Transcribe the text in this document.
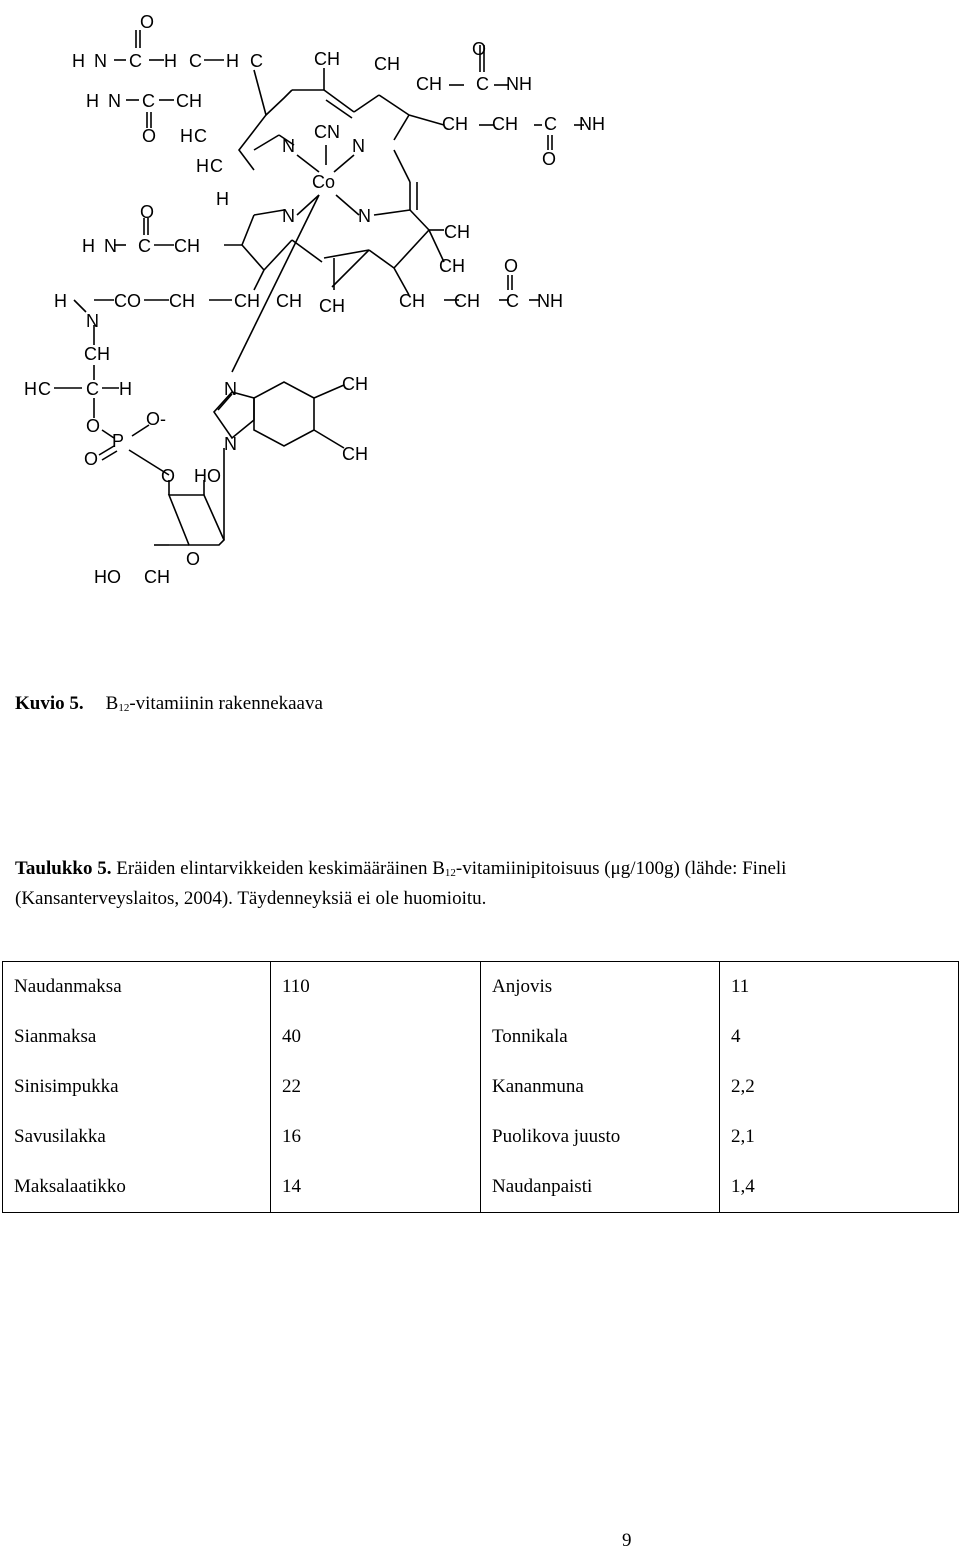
O
H N C H C H C
H N C CH
O H C
H C
H
CH CH
CN
N	N
Co
N	N
O
CH C NH
CH CH C NH
O
CH
CH O
CH CH C NH
CH
O
H N C CH
H	C O CH CH CH
N
CH
H C C H
O
P
O-
O
O HO
O
HO CH
N
N
CH
CH
Kuvio 5. $B_{12}$-vitamiinin rakennekaava
Taulukko 5. Eräiden elintarvikkeiden keskimääräinen $B_{12}$-vitamiinipitoisuus (μg/100g) (lähde: Fineli (Kansanterveyslaitos, 2004). Täydenneyksiä ei ole huomioitu.
Naudanmaksa	110	Anjovis	11
Sianmaksa	40	Tonnikala	4
Sinisimpukka	22	Kananmuna	2,2
Savusilakka	16	Puolikova juusto	2,1
Maksalaatikko	14	Naudanpaisti	1,4
9
